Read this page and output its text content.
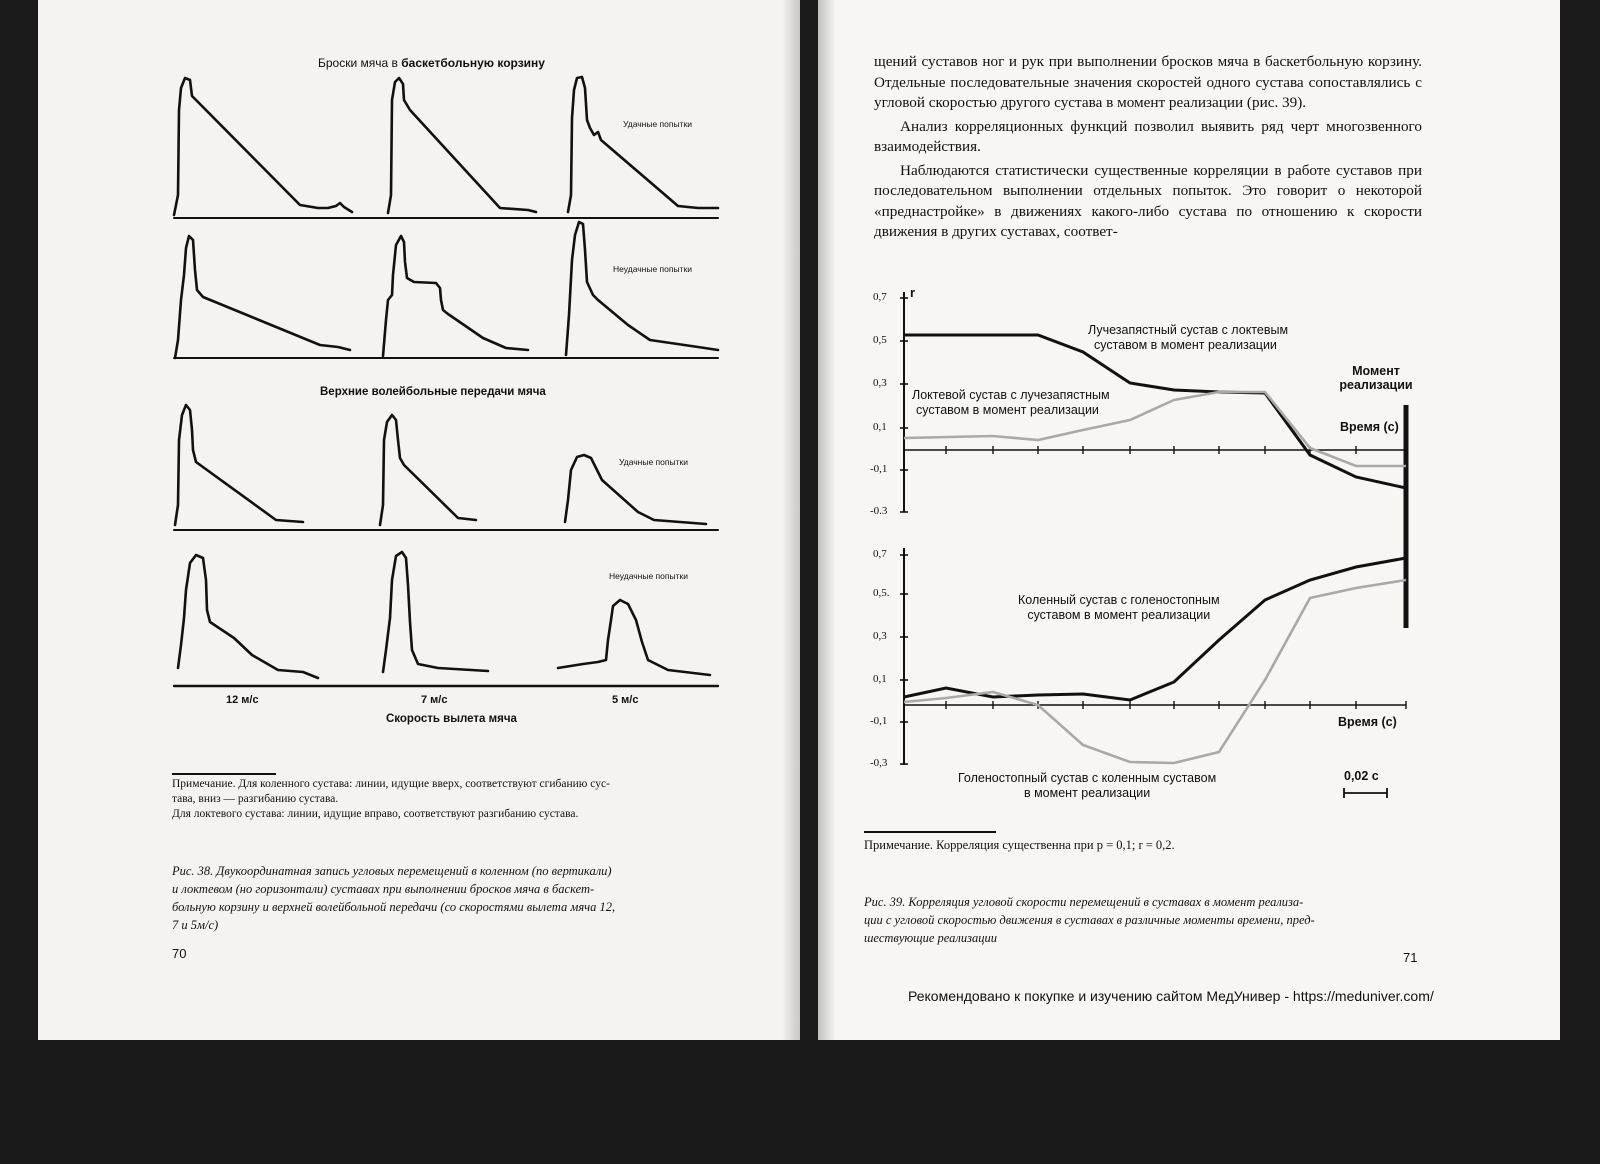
Броски мяча в баскетбольную корзину
Удачные попытки
Неудачные попытки
Верхние волейбольные передачи мяча
Удачные попытки
Неудачные попытки
12 м/с	7 м/с	5 м/с
Скорость вылета мяча
Примечание. Для коленного сустава: линии, идущие вверх, соответствуют сгибанию сус-
тава, вниз — разгибанию сустава.
Для локтевого сустава: линии, идущие вправо, соответствуют разгибанию сустава.
Рис. 38. Двукоординатная запись угловых перемещений в коленном (по вертикали)
и локтевом (но горизонтали) суставах при выполнении бросков мяча в баскет-
больную корзину и верхней волейбольной передачи (со скоростями вылета мяча 12,
7 и 5м/с)
70

щений суставов ног и рук при выполнении бросков мяча в баскетбольную корзину. Отдельные последовательные значения скоростей одного сустава сопоставлялись с угловой скоростью другого сустава в момент реализации (рис. 39).

Анализ корреляционных функций позволил выявить ряд черт многозвенного взаимодействия.

Наблюдаются статистически существенные корреляции в работе суставов при последовательном выполнении отдельных попыток. Это говорит о некоторой «преднастройке» в движениях какого-либо сустава по отношению к скорости движения в других суставах, соответ-

r
0,7
0,5
0,3
0,1
-0,1
-0.3
Лучезапястный сустав с локтевым
суставом в момент реализации
Локтевой сустав с лучезапястным
суставом в момент реализации
Момент
реализации
Время (с)
0,7
0,5.
0,3
0,1
-0,1
-0,3
Коленный сустав с голеностопным
суставом в момент реализации
Время (с)
Голеностопный сустав с коленным суставом
в момент реализации
0,02 с
Примечание. Корреляция существенна при р = 0,1; r = 0,2.
Рис. 39. Корреляция угловой скорости перемещений в суставах в момент реализа-
ции с угловой скоростью движения в суставах в различные моменты времени, пред-
шествующие реализации
71
Рекомендовано к покупке и изучению сайтом МедУнивер - https://meduniver.com/
